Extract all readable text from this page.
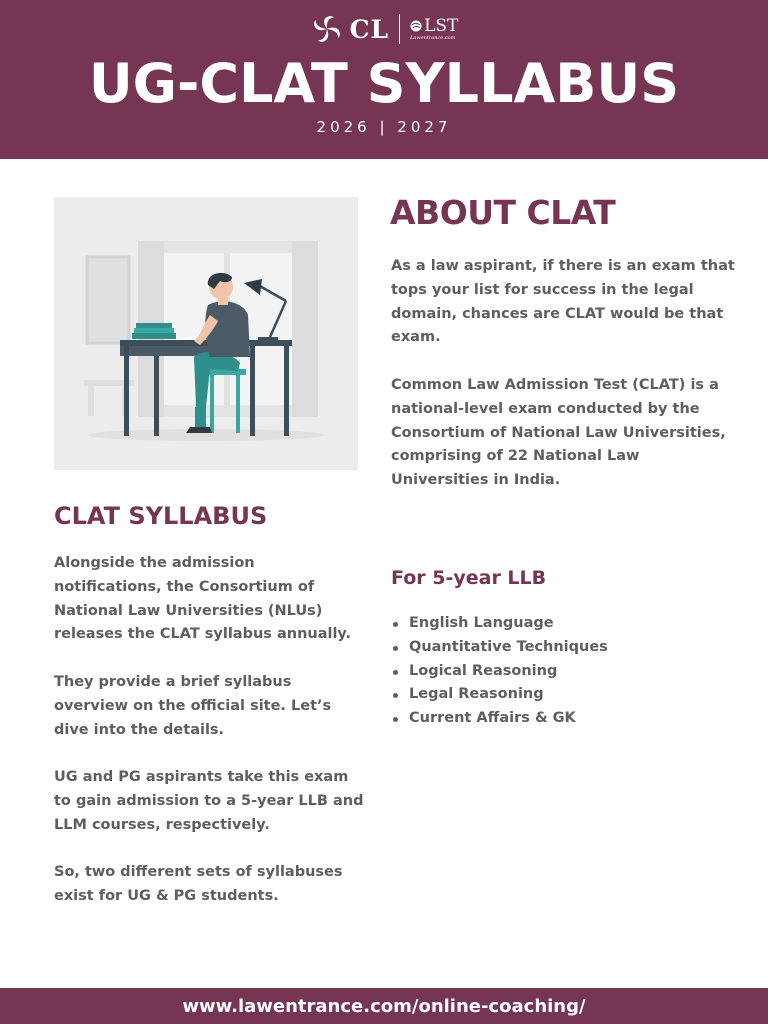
CL LST
Lawentrance.com
UG-CLAT SYLLABUS
2026 | 2027
ABOUT CLAT

As a law aspirant, if there is an exam that tops your list for success in the legal domain, chances are CLAT would be that exam.

Common Law Admission Test (CLAT) is a national-level exam conducted by the Consortium of National Law Universities, comprising of 22 National Law Universities in India.

CLAT SYLLABUS

Alongside the admission notifications, the Consortium of National Law Universities (NLUs) releases the CLAT syllabus annually.

They provide a brief syllabus overview on the official site. Let’s dive into the details.

UG and PG aspirants take this exam to gain admission to a 5-year LLB and LLM courses, respectively.

So, two different sets of syllabuses exist for UG & PG students.

For 5-year LLB
English Language
Quantitative Techniques
Logical Reasoning
Legal Reasoning
Current Affairs & GK
www.lawentrance.com/online-coaching/
